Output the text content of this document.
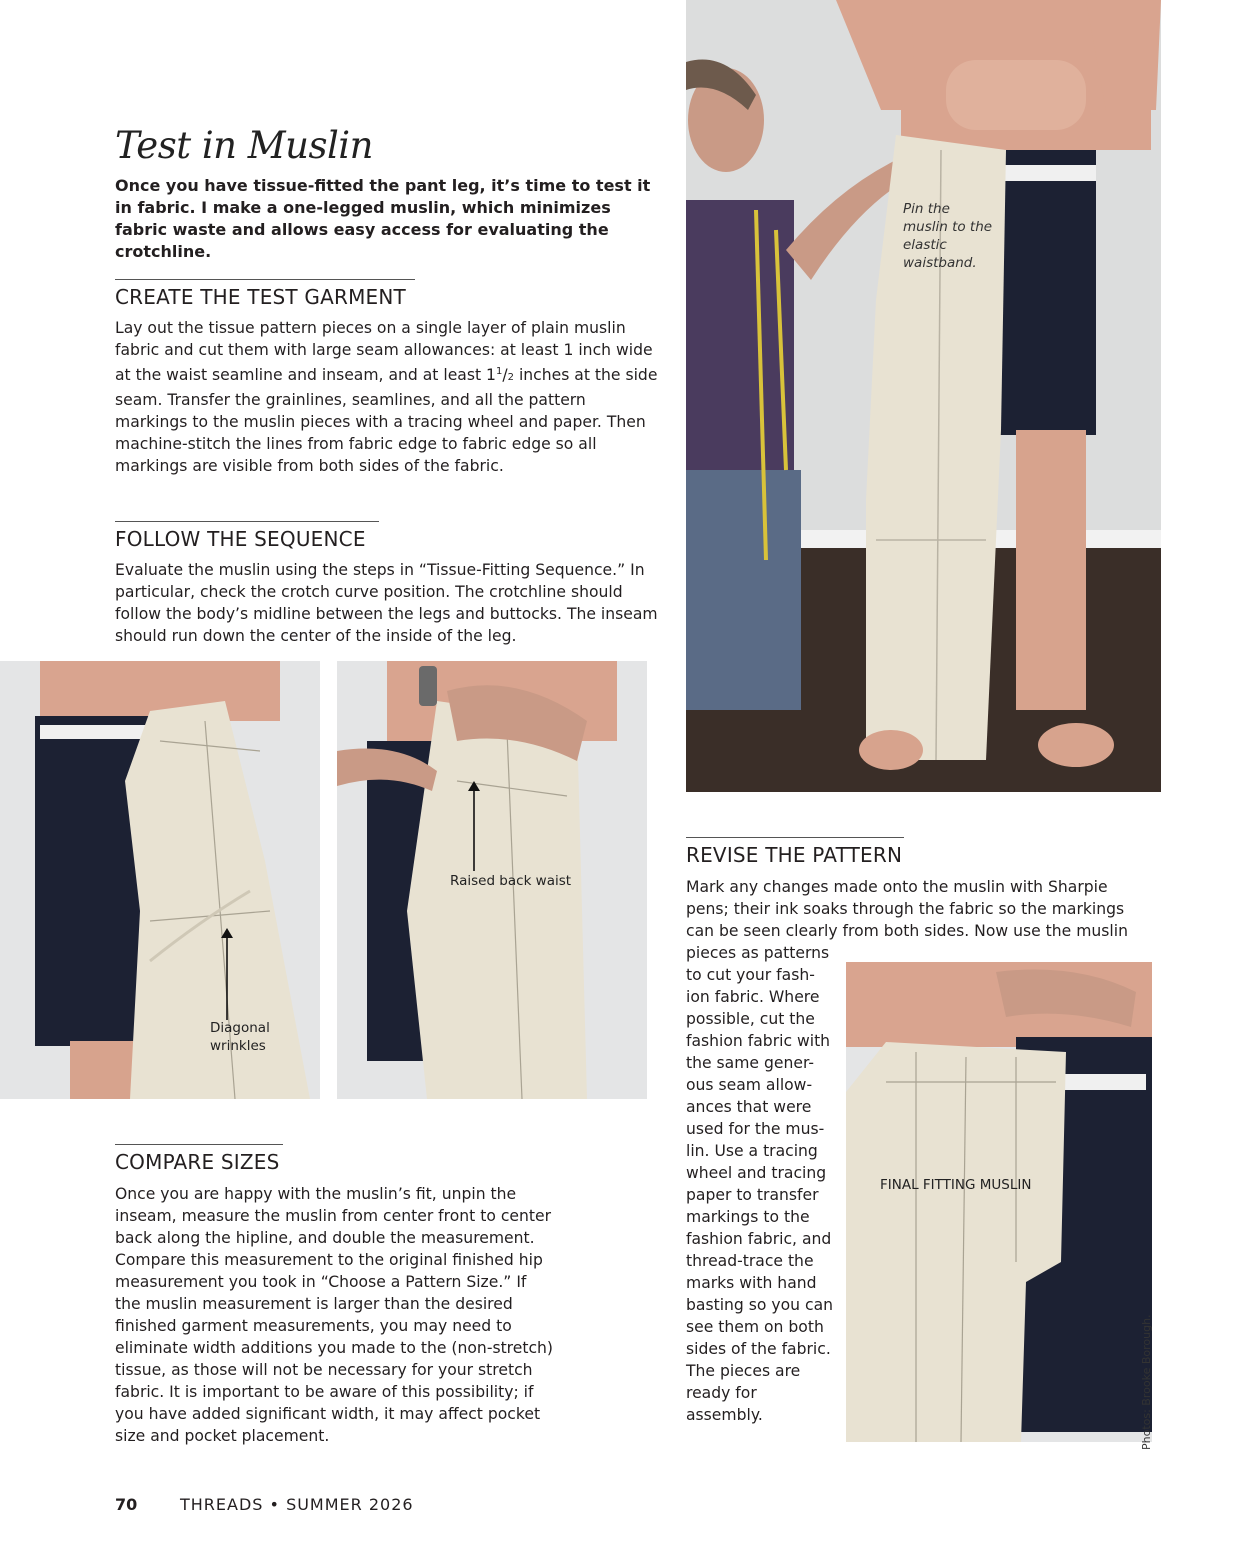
Test in Muslin

Once you have tissue-fitted the pant leg, it’s time to test it in fabric. I make a one-legged muslin, which minimizes fabric waste and allows easy access for evaluating the crotchline.

CREATE THE TEST GARMENT

Lay out the tissue pattern pieces on a single layer of plain muslin fabric and cut them with large seam allowances: at least 1 inch wide at the waist seamline and inseam, and at least $1^1/2$ inches at the side seam. Transfer the grainlines, seamlines, and all the pattern markings to the muslin pieces with a tracing wheel and paper. Then machine-stitch the lines from fabric edge to fabric edge so all markings are visible from both sides of the fabric.

FOLLOW THE SEQUENCE

Evaluate the muslin using the steps in “Tissue-Fitting Sequence.” In particular, check the crotch curve position. The crotchline should follow the body’s midline between the legs and buttocks. The inseam should run down the center of the inside of the leg.

Pin the muslin to the elastic waistband.
Diagonal wrinkles
Raised back waist
COMPARE SIZES

Once you are happy with the muslin’s fit, unpin the inseam, measure the muslin from center front to center back along the hipline, and double the measurement. Compare this measurement to the original finished hip measurement you took in “Choose a Pattern Size.” If the muslin measurement is larger than the desired finished garment measurements, you may need to eliminate width additions you made to the (non-stretch) tissue, as those will not be necessary for your stretch fabric. It is important to be aware of this possibility; if you have added significant width, it may affect pocket size and pocket placement.

REVISE THE PATTERN

Mark any changes made onto the muslin with Sharpie pens; their ink soaks through the fabric so the markings can be seen clearly from both sides. Now use the muslin

pieces as patterns to cut your fash-ion fabric. Where possible, cut the fashion fabric with the same gener-ous seam allow-ances that were used for the mus-lin. Use a tracing wheel and tracing paper to transfer markings to the fashion fabric, and thread-trace the marks with hand basting so you can see them on both sides of the fabric. The pieces are ready for assembly.

FINAL FITTING MUSLIN
Photos: Brooke Borough.
70	THREADS • SUMMER 2026
